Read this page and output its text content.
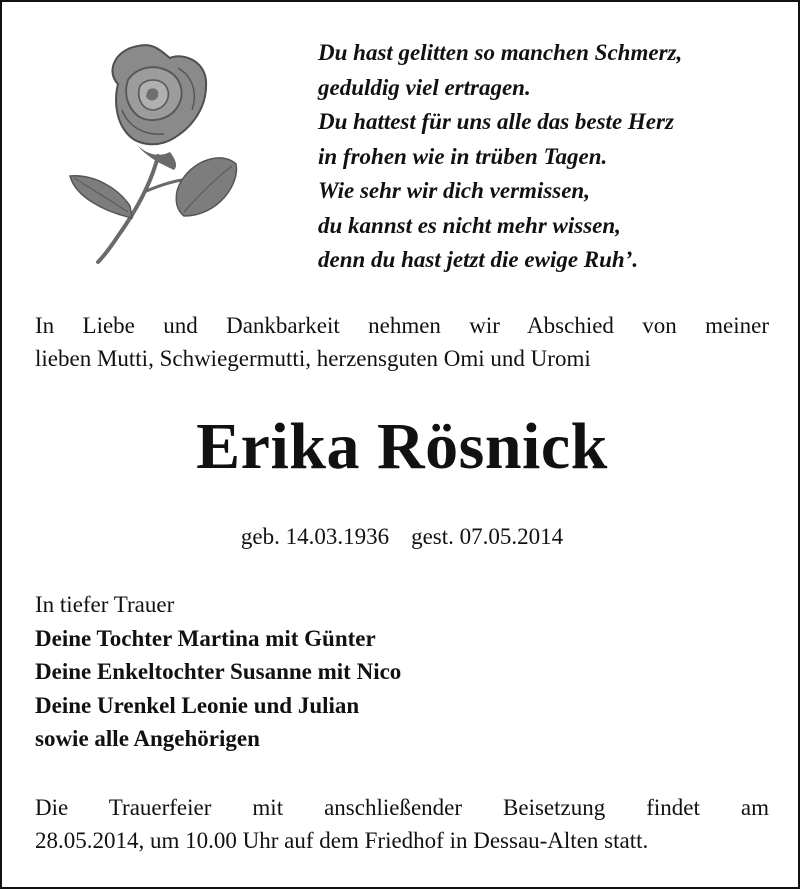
Du hast gelitten so manchen Schmerz,
geduldig viel ertragen.
Du hattest für uns alle das beste Herz
in frohen wie in trüben Tagen.
Wie sehr wir dich vermissen,
du kannst es nicht mehr wissen,
denn du hast jetzt die ewige Ruh’.
In Liebe und Dankbarkeit nehmen wir Abschied von meiner
lieben Mutti, Schwiegermutti, herzensguten Omi und Uromi
Erika Rösnick
geb. 14.03.1936 gest. 07.05.2014
In tiefer Trauer
Deine Tochter Martina mit Günter
Deine Enkeltochter Susanne mit Nico
Deine Urenkel Leonie und Julian
sowie alle Angehörigen
Die Trauerfeier mit anschließender Beisetzung findet am
28.05.2014, um 10.00 Uhr auf dem Friedhof in Dessau-Alten statt.
